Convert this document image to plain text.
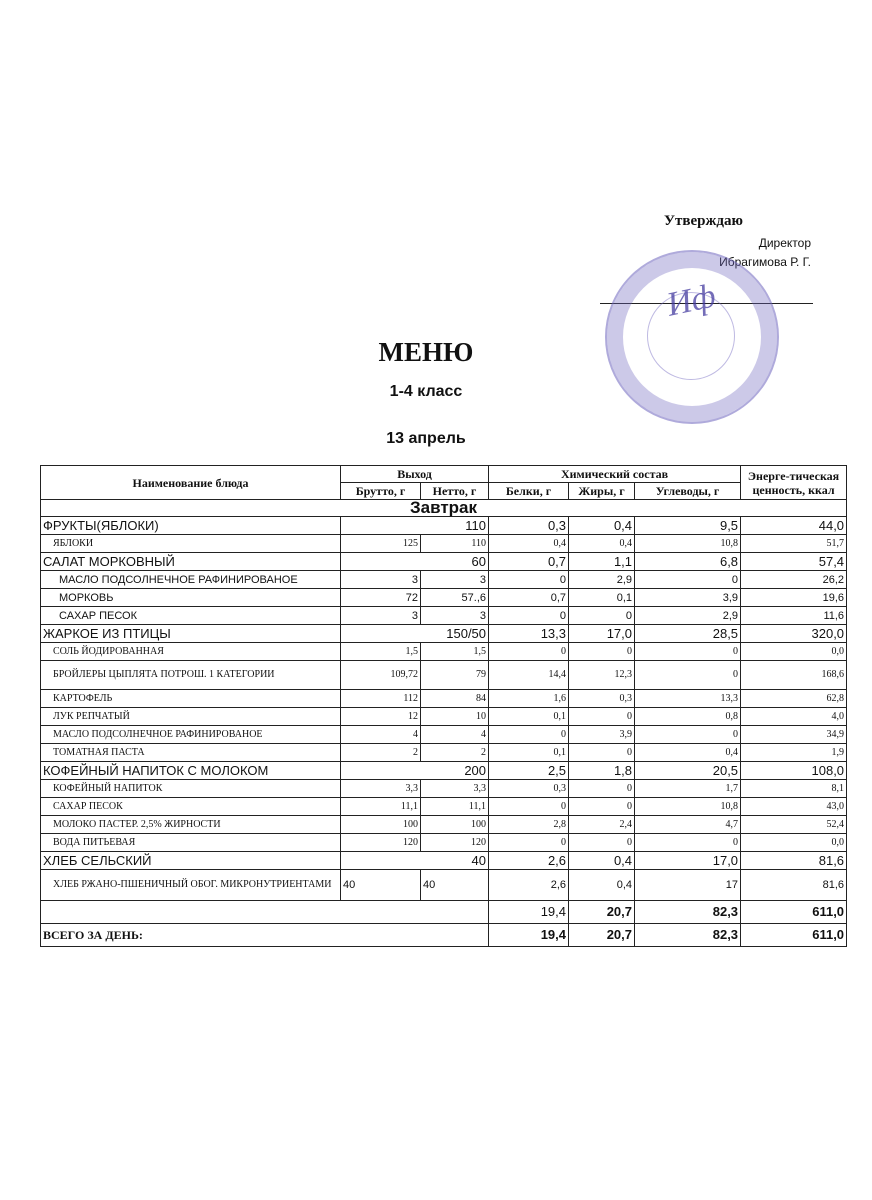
Утверждаю
Директор
Ибрагимова Р. Г.
Иф
МЕНЮ
1-4 класс
13 апрель
Наименование блюда	Выход		Химический состав			Энерге-тическая ценность, ккал
	Брутто, г	Нетто, г	Белки, г	Жиры, г	Углеводы, г	
Завтрак						
ФРУКТЫ(ЯБЛОКИ)	110		0,3	0,4	9,5	44,0
ЯБЛОКИ	125	110	0,4	0,4	10,8	51,7
САЛАТ МОРКОВНЫЙ	60		0,7	1,1	6,8	57,4
МАСЛО ПОДСОЛНЕЧНОЕ РАФИНИРОВАНОЕ	3	3	0	2,9	0	26,2
МОРКОВЬ	72	57.,6	0,7	0,1	3,9	19,6
САХАР ПЕСОК	3	3	0	0	2,9	11,6
ЖАРКОЕ ИЗ ПТИЦЫ	150/50		13,3	17,0	28,5	320,0
СОЛЬ ЙОДИРОВАННАЯ	1,5	1,5	0	0	0	0,0
БРОЙЛЕРЫ ЦЫПЛЯТА ПОТРОШ. 1 КАТЕГОРИИ	109,72	79	14,4	12,3	0	168,6
КАРТОФЕЛЬ	112	84	1,6	0,3	13,3	62,8
ЛУК РЕПЧАТЫЙ	12	10	0,1	0	0,8	4,0
МАСЛО ПОДСОЛНЕЧНОЕ РАФИНИРОВАНОЕ	4	4	0	3,9	0	34,9
ТОМАТНАЯ ПАСТА	2	2	0,1	0	0,4	1,9
КОФЕЙНЫЙ НАПИТОК С МОЛОКОМ	200		2,5	1,8	20,5	108,0
КОФЕЙНЫЙ НАПИТОК	3,3	3,3	0,3	0	1,7	8,1
САХАР ПЕСОК	11,1	11,1	0	0	10,8	43,0
МОЛОКО ПАСТЕР. 2,5% ЖИРНОСТИ	100	100	2,8	2,4	4,7	52,4
ВОДА ПИТЬЕВАЯ	120	120	0	0	0	0,0
ХЛЕБ СЕЛЬСКИЙ	40		2,6	0,4	17,0	81,6
ХЛЕБ РЖАНО-ПШЕНИЧНЫЙ ОБОГ. МИКРОНУТРИЕНТАМИ	40	40	2,6	0,4	17	81,6
			19,4	20,7	82,3	611,0
ВСЕГО ЗА ДЕНЬ:			19,4	20,7	82,3	611,0
